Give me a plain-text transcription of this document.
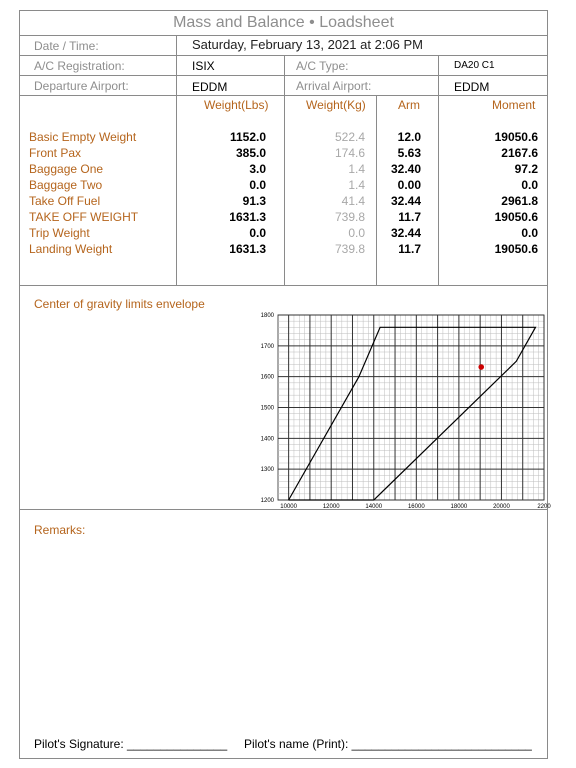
Mass and Balance • Loadsheet
Date / Time:	Saturday, February 13, 2021 at 2:06 PM
A/C Registration:	ISIX	A/C Type:	DA20 C1
Departure Airport:	EDDM	Arrival Airport:	EDDM
Weight(Lbs)	Weight(Kg)	Arm	Moment
Basic Empty Weight	1152.0	522.4	12.0	19050.6
Front Pax	385.0	174.6	5.63	2167.6
Baggage One	3.0	1.4	32.40	97.2
Baggage Two	0.0	1.4	0.00	0.0
Take Off Fuel	91.3	41.4	32.44	2961.8
TAKE OFF WEIGHT	1631.3	739.8	11.7	19050.6
Trip Weight	0.0	0.0	32.44	0.0
Landing Weight	1631.3	739.8	11.7	19050.6
Center of gravity limits envelope
1200
1300
1400
1500
1600
1700
1800
10000	12000	14000	16000	18000	20000	2200
Remarks:
Pilot's Signature: _______________ Pilot's name (Print): ___________________________
